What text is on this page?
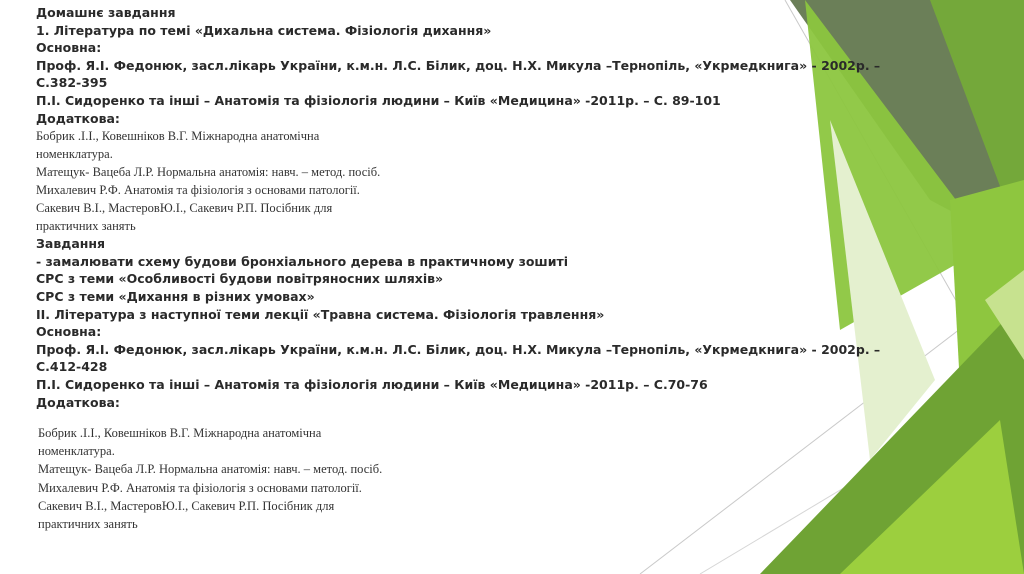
Домашнє завдання
1. Література по темі «Дихальна система. Фізіологія дихання»
Основна:
Проф. Я.І. Федонюк, засл.лікарь України, к.м.н. Л.С. Білик, доц. Н.Х. Микула –Тернопіль, «Укрмедкнига» - 2002р. –
С.382-395
П.І. Сидоренко та інші – Анатомія та фізіологія людини – Київ «Медицина» -2011р. – С. 89-101
Додаткова:
Бобрик .І.І., Ковешніков В.Г. Міжнародна анатомічна
номенклатура.
Матещук- Вацеба Л.Р. Нормальна анатомія: навч. – метод. посіб.
Михалевич Р.Ф. Анатомія та фізіологія з основами патології.
Сакевич В.І., МастеровЮ.І., Сакевич Р.П. Посібник для
практичних занять
Завдання
- замалювати схему будови бронхіального дерева в практичному зошиті
СРС з теми «Особливості будови повітряносних шляхів»
СРС з теми «Дихання в різних умовах»
ІІ. Література з наступної теми лекції «Травна система. Фізіологія травлення»
Основна:
Проф. Я.І. Федонюк, засл.лікарь України, к.м.н. Л.С. Білик, доц. Н.Х. Микула –Тернопіль, «Укрмедкнига» - 2002р. –
С.412-428
П.І. Сидоренко та інші – Анатомія та фізіологія людини – Київ «Медицина» -2011р. – С.70-76
Додаткова:
Бобрик .І.І., Ковешніков В.Г. Міжнародна анатомічна
номенклатура.
Матещук- Вацеба Л.Р. Нормальна анатомія: навч. – метод. посіб.
Михалевич Р.Ф. Анатомія та фізіологія з основами патології.
Сакевич В.І., МастеровЮ.І., Сакевич Р.П. Посібник для
практичних занять
